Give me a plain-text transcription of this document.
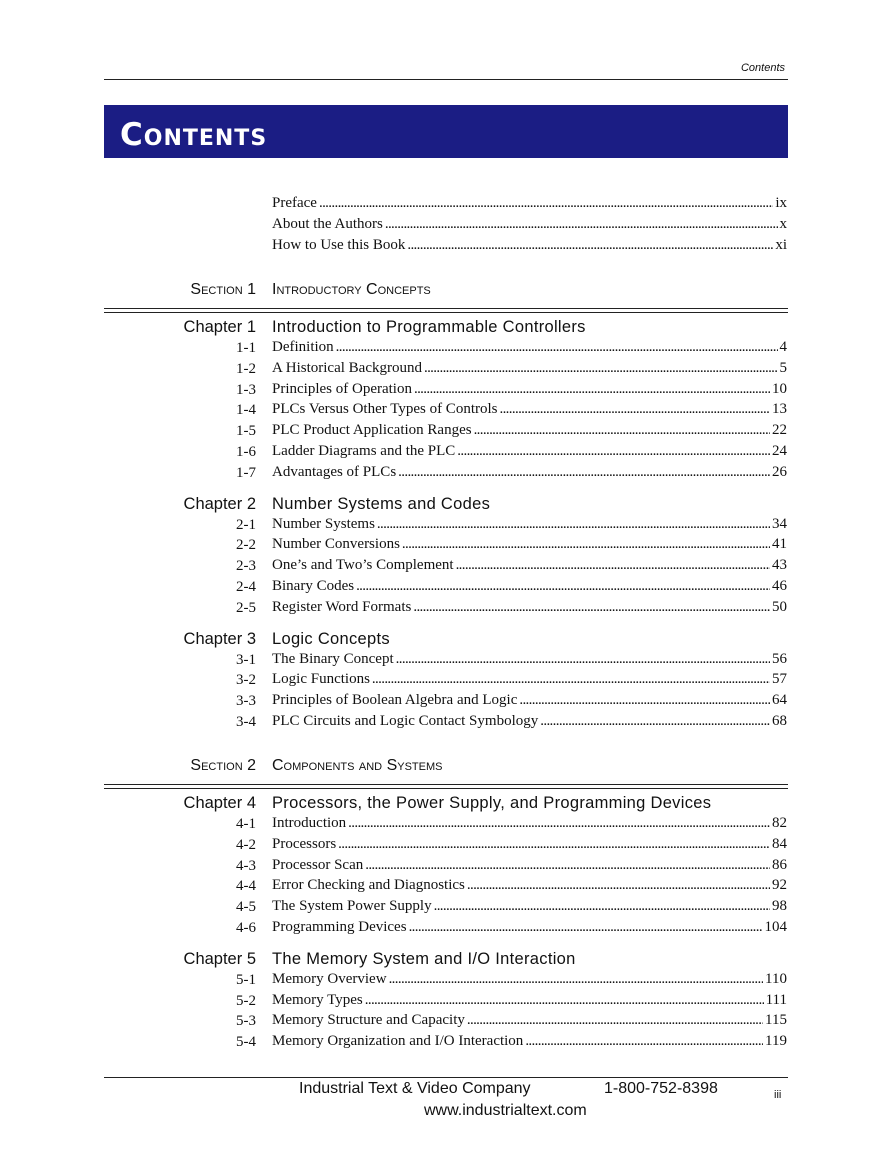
Contents
Contents
Preface . . .	ix
About the Authors . . .	x
How to Use this Book . . .	xi
Section 1 Introductory Concepts
Chapter 1 Introduction to Programmable Controllers
1-1 Definition . . .	4
1-2 A Historical Background . . .	5
1-3 Principles of Operation . . .	10
1-4 PLCs Versus Other Types of Controls . . .	13
1-5 PLC Product Application Ranges . . .	22
1-6 Ladder Diagrams and the PLC . . .	24
1-7 Advantages of PLCs . . .	26
Chapter 2 Number Systems and Codes
2-1 Number Systems . . .	34
2-2 Number Conversions . . .	41
2-3 One’s and Two’s Complement . . .	43
2-4 Binary Codes . . .	46
2-5 Register Word Formats . . .	50
Chapter 3 Logic Concepts
3-1 The Binary Concept . . .	56
3-2 Logic Functions . . .	57
3-3 Principles of Boolean Algebra and Logic . . .	64
3-4 PLC Circuits and Logic Contact Symbology . . .	68
Section 2 Components and Systems
Chapter 4 Processors, the Power Supply, and Programming Devices
4-1 Introduction . . .	82
4-2 Processors . . .	84
4-3 Processor Scan . . .	86
4-4 Error Checking and Diagnostics . . .	92
4-5 The System Power Supply . . .	98
4-6 Programming Devices . . .	104
Chapter 5 The Memory System and I/O Interaction
5-1 Memory Overview . . .	110
5-2 Memory Types . . .	111
5-3 Memory Structure and Capacity . . .	115
5-4 Memory Organization and I/O Interaction . . .	119
Industrial Text & Video Company	1-800-752-8398
www.industrialtext.com
iii
